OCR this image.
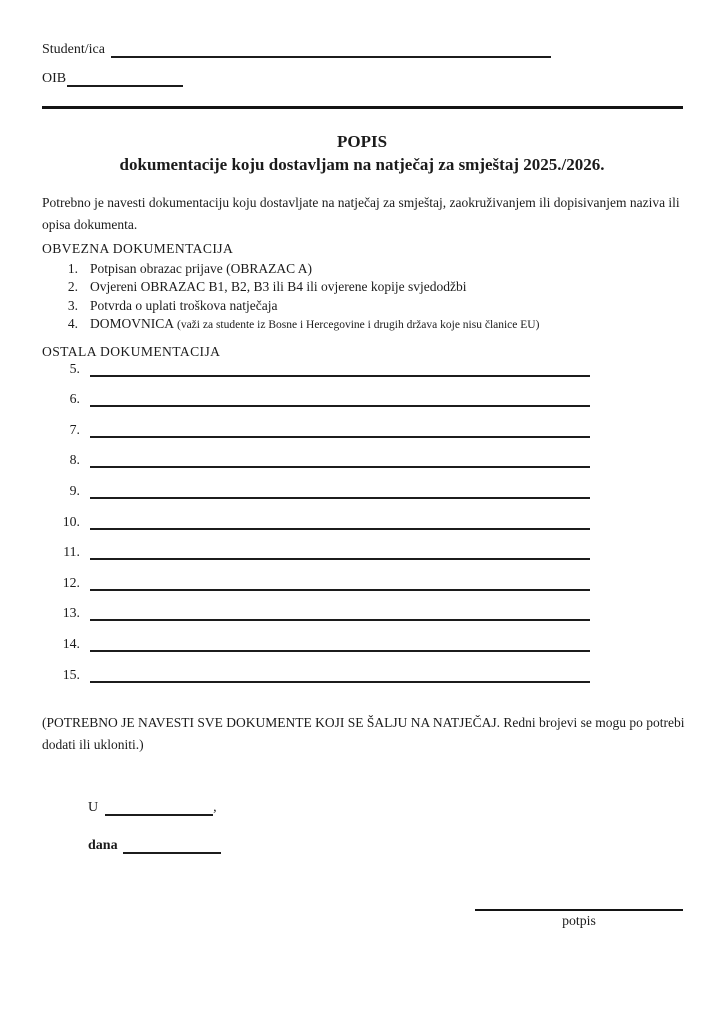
Student/ica
OIB
POPIS
dokumentacije koju dostavljam na natječaj za smještaj 2025./2026.
Potrebno je navesti dokumentaciju koju dostavljate na natječaj za smještaj, zaokruživanjem ili dopisivanjem naziva ili opisa dokumenta.
OBVEZNA DOKUMENTACIJA
1. Potpisan obrazac prijave (OBRAZAC A)
2. Ovjereni OBRAZAC B1, B2, B3 ili B4 ili ovjerene kopije svjedodžbi
3. Potvrda o uplati troškova natječaja
4. DOMOVNICA (važi za studente iz Bosne i Hercegovine i drugih država koje nisu članice EU)
OSTALA DOKUMENTACIJA
5.
6.
7.
8.
9.
10.
11.
12.
13.
14.
15.
(POTREBNO JE NAVESTI SVE DOKUMENTE KOJI SE ŠALJU NA NATJEČAJ. Redni brojevi se mogu po potrebi dodati ili ukloniti.)
U	,
dana
potpis
